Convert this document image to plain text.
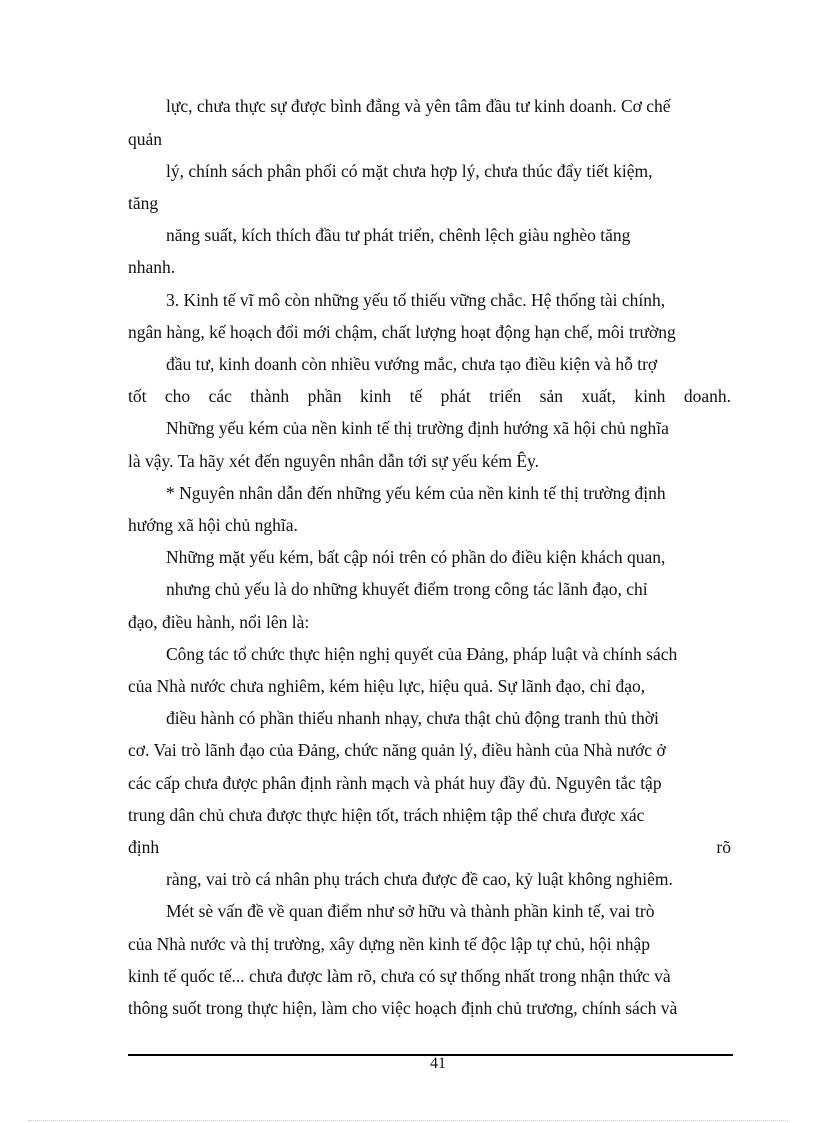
lực, chưa thực sự được bình đẳng và yên tâm đầu tư kinh doanh. Cơ chế

quản

lý, chính sách phân phối có mặt chưa hợp lý, chưa thúc đẩy tiết kiệm,

tăng

năng suất, kích thích đầu tư phát triển, chênh lệch giàu nghèo tăng

nhanh.

3. Kinh tế vĩ mô còn những yếu tố thiếu vững chắc. Hệ thống tài chính,

ngân hàng, kế hoạch đổi mới chậm, chất lượng hoạt động hạn chế, môi trường

đầu tư, kinh doanh còn nhiều vướng mắc, chưa tạo điều kiện và hỗ trợ

tốt cho các thành phần kinh tế phát triển sản xuất, kinh doanh.

Những yếu kém của nền kinh tế thị trường định hướng xã hội chủ nghĩa

là vậy. Ta hãy xét đến nguyên nhân dẫn tới sự yếu kém Êy.

* Nguyên nhân dẫn đến những yếu kém của nền kinh tế thị trường định

hướng xã hội chủ nghĩa.

Những mặt yếu kém, bất cập nói trên có phần do điều kiện khách quan,

nhưng chủ yếu là do những khuyết điểm trong công tác lãnh đạo, chỉ

đạo, điều hành, nổi lên là:

Công tác tổ chức thực hiện nghị quyết của Đảng, pháp luật và chính sách

của Nhà nước chưa nghiêm, kém hiệu lực, hiệu quả. Sự lãnh đạo, chỉ đạo,

điều hành có phần thiếu nhanh nhạy, chưa thật chủ động tranh thủ thời

cơ. Vai trò lãnh đạo của Đảng, chức năng quản lý, điều hành của Nhà nước ở

các cấp chưa được phân định rành mạch và phát huy đầy đủ. Nguyên tắc tập

trung dân chủ chưa được thực hiện tốt, trách nhiệm tập thể chưa được xác

định	rõ

ràng, vai trò cá nhân phụ trách chưa được đề cao, kỷ luật không nghiêm.

Mét sè vấn đề về quan điểm như sở hữu và thành phần kinh tế, vai trò

của Nhà nước và thị trường, xây dựng nền kinh tế độc lập tự chủ, hội nhập

kinh tế quốc tế... chưa được làm rõ, chưa có sự thống nhất trong nhận thức và

thông suốt trong thực hiện, làm cho việc hoạch định chủ trương, chính sách và

41
